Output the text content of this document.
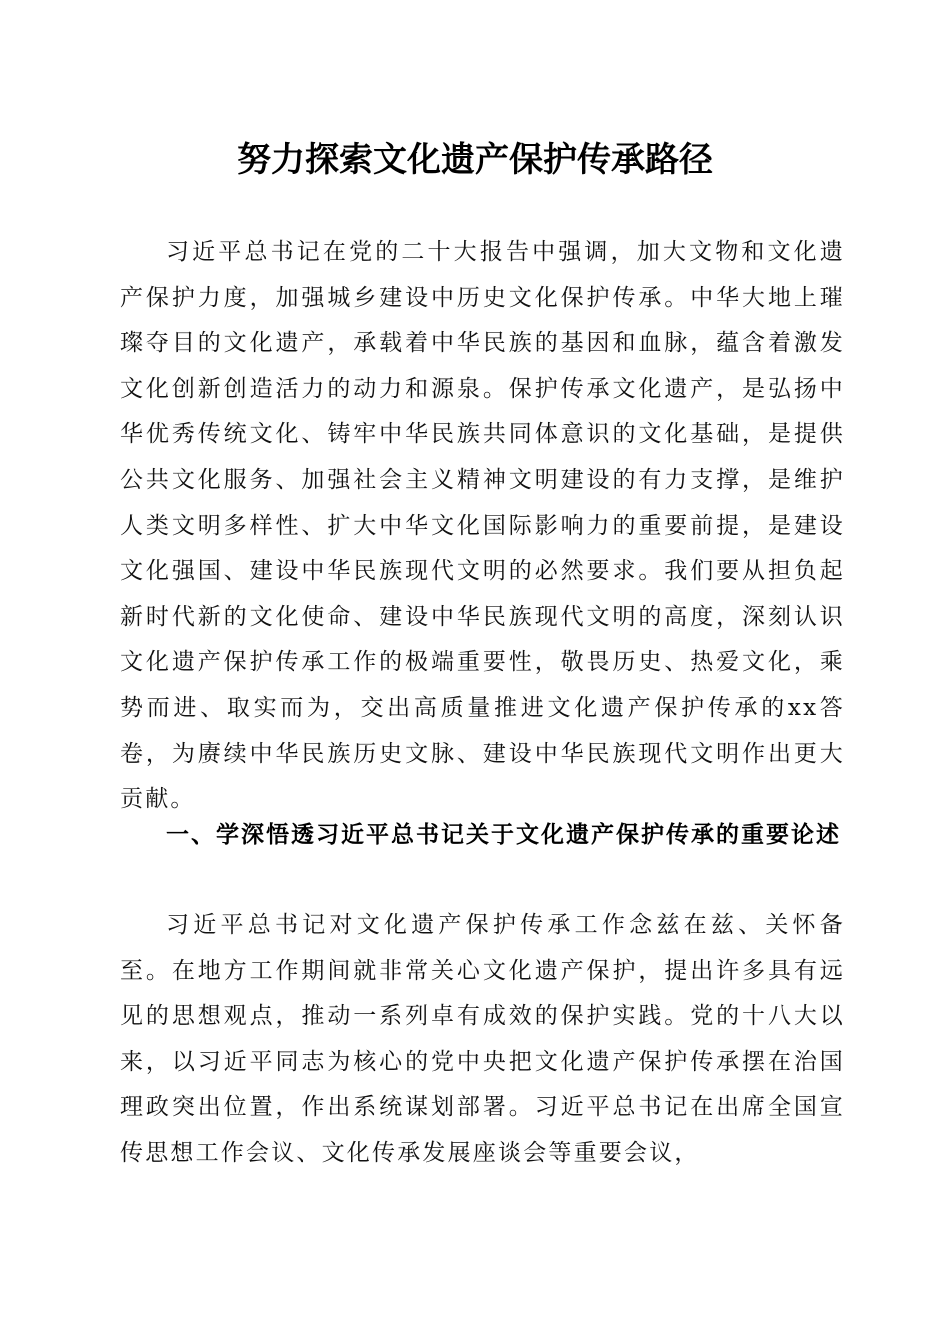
努力探索文化遗产保护传承路径

习近平总书记在党的二十大报告中强调，加大文物和文化遗产保护力度，加强城乡建设中历史文化保护传承。中华大地上璀璨夺目的文化遗产，承载着中华民族的基因和血脉，蕴含着激发文化创新创造活力的动力和源泉。保护传承文化遗产，是弘扬中华优秀传统文化、铸牢中华民族共同体意识的文化基础，是提供公共文化服务、加强社会主义精神文明建设的有力支撑，是维护人类文明多样性、扩大中华文化国际影响力的重要前提，是建设文化强国、建设中华民族现代文明的必然要求。我们要从担负起新时代新的文化使命、建设中华民族现代文明的高度，深刻认识文化遗产保护传承工作的极端重要性，敬畏历史、热爱文化，乘势而进、取实而为，交出高质量推进文化遗产保护传承的xx答卷，为赓续中华民族历史文脉、建设中华民族现代文明作出更大贡献。

一、学深悟透习近平总书记关于文化遗产保护传承的重要论述

习近平总书记对文化遗产保护传承工作念兹在兹、关怀备至。在地方工作期间就非常关心文化遗产保护，提出许多具有远见的思想观点，推动一系列卓有成效的保护实践。党的十八大以来，以习近平同志为核心的党中央把文化遗产保护传承摆在治国理政突出位置，作出系统谋划部署。习近平总书记在出席全国宣传思想工作会议、文化传承发展座谈会等重要会议，
